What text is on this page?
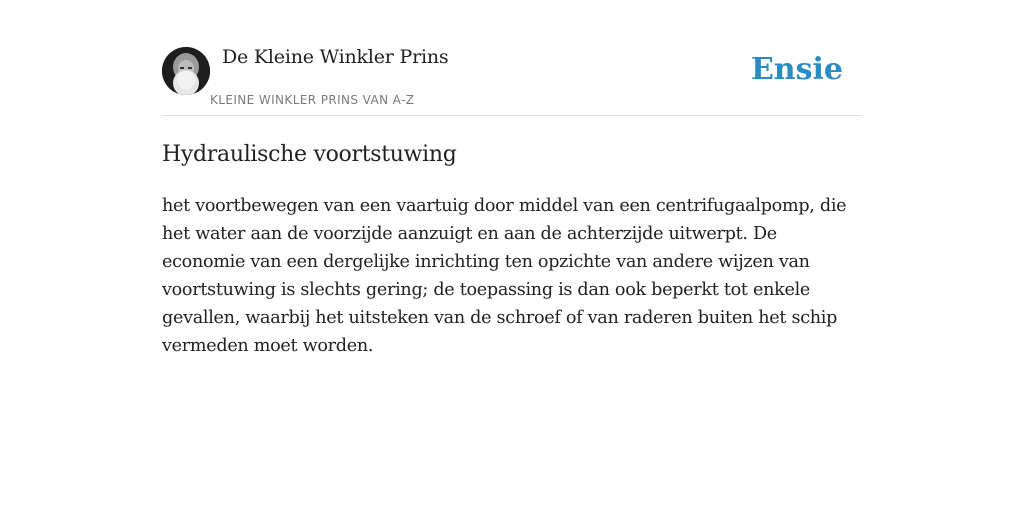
De Kleine Winkler Prins
KLEINE WINKLER PRINS VAN A-Z
Ensie
Hydraulische voortstuwing

het voortbewegen van een vaartuig door middel van een centrifugaalpomp, die het water aan de voorzijde aanzuigt en aan de achterzijde uitwerpt. De economie van een dergelijke inrichting ten opzichte van andere wijzen van voortstuwing is slechts gering; de toepassing is dan ook beperkt tot enkele gevallen, waarbij het uitsteken van de schroef of van raderen buiten het schip vermeden moet worden.
